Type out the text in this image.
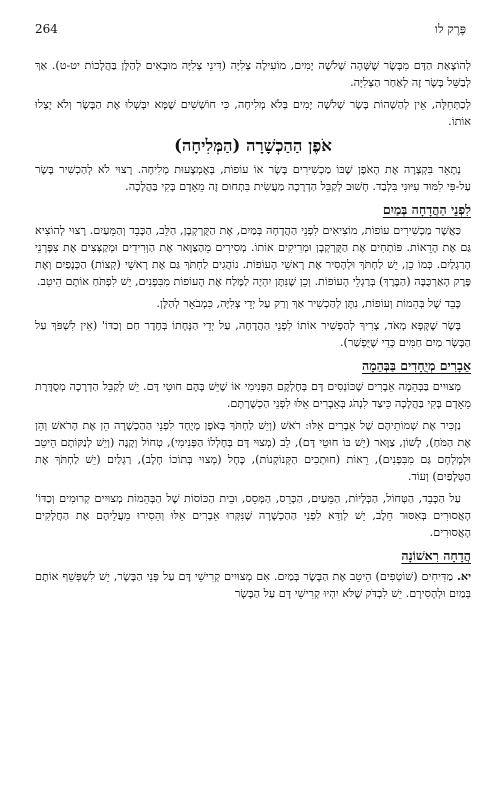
264	פֶּרֶק לו

לְהוֹצָאַת הַדָּם מִבָּשָׂר שֶׁשָּׁהָה שְׁלֹשָׁה יָמִים, מוֹעִילָה צְלִיָּה (דִּינֵי צְלִיָּה מוּבָאִים לְהַלָּן בַּהֲלָכוֹת יט-ט). אַךְ לְבַשֵּׁל בָּשָׂר זֶה לְאַחַר הַצְּלִיָּה.

לְכַתְּחִלָּה, אֵין לְהַשְׁהוֹת בָּשָׂר שְׁלֹשָׁה יָמִים בְּלֹא מְלִיחָה, כִּי חוֹשְׁשִׁים שֶׁמָּא יִבָּשְׁלוּ אֶת הַבָּשָׂר וְלֹא יָצְלוּ אוֹתוֹ.

אֹפֶן הַהַכְשָׁרָה (הַמְּלִיחָה)

נְתָאֵר בִּקְצָרָה אֶת הָאֹפֶן שֶׁבּוֹ מַכְשִׁירִים בָּשָׂר אוֹ עוֹפוֹת, בְּאֶמְצָעוּת מְלִיחָה. רָצוּי לֹא לְהַכְשִׁיר בָּשָׂר עַל-פִּי לִמּוּד עִיּוּנִי בִּלְבַד. חָשׁוּב לְקַבֵּל הַדְרָכָה מַעֲשִׂית בִּתְחוּם זֶה מֵאָדָם בָּקִי בַּהֲלָכָה.

לִפְנֵי הַהֲדָחָה בְּמַיִם

כַּאֲשֶׁר מַכְשִׁירִים עוֹפוֹת, מוֹצִיאִים לִפְנֵי הַהֲדָחָה בְּמַיִם, אֶת הַקֻּרְקְבָן, הַלֵּב, הַכָּבֵד וְהַמֵּעַיִם. רָצוּי לְהוֹצִיא גַּם אֶת הָרֵאוֹת. פּוֹתְחִים אֶת הַקֻּרְקְבָן וּמְרִיקִים אוֹתוֹ. מְסִירִים מֵהַצַּוָּאר אֶת הַוְּרִידִים וּמְקַצְּצִים אֶת צִפָּרְנֵי הָרַגְלַיִם. כְּמוֹ כֵן, יֵשׁ לַחְתֹּךְ וּלְהָסִיר אֶת רָאשֵׁי הָעוֹפוֹת. נוֹהֲגִים לַחְתֹּךְ גַּם אֶת רָאשֵׁי (קְצוֹת) הַכְּנָפַיִם וְאֶת פֶּרֶק הָאַרְכֻּבָּה (הַבֶּרֶךְ) בְּרַגְלֵי הָעוֹפוֹת. וְכֵן שֶׁנִּתָּן יִהְיֶה לַמֶּלַח אֶת הָעוֹפוֹת מִבִּפְנִים, יֵשׁ לִפְתֹּחַ אוֹתָם הֵיטֵב.

כָּבֵד שֶׁל בְּהֵמוֹת וְעוֹפוֹת, נִתָּן לְהַכְשִׁיר אַךְ וְרַק עַל יְדֵי צְלִיָּה, כִּמְבֹאָר לְהַלָּן.

בָּשָׂר שֶׁקָּפָא מְאֹד, צָרִיךְ לְהַפְשִׁיר אוֹתוֹ לִפְנֵי הַהֲדָחָה, עַל יְדֵי הַנָּחָתוֹ בְּחֶדֶר חַם וְכַדּוֹ' (אֵין לִשְׁפֹּךְ עַל הַבָּשָׂר מַיִם חַמִּים כְּדֵי שֶׁיֻּפְשַׁר).

אֵבָרִים מְיֻחָדִים בַּבְּהֵמָה

מְצוּיִים בַּבְּהֵמָה אֵבָרִים שֶׁכּוֹנְסִים דָּם בְּחֶלְקָם הַפְּנִימִי אוֹ שֶׁיֵּשׁ בָּהֶם חוּטֵי דָּם. יֵשׁ לְקַבֵּל הַדְרָכָה מְסֻדֶּרֶת מֵאָדָם בָּקִי בַּהֲלָכָה כֵּיצַד לִנְהֹג בְּאֵבָרִים אֵלּוּ לִפְנֵי הַכְשָׁרָתָם.

נַזְכִּיר אֶת שְׁמוֹתֵיהֶם שֶׁל אֵבָרִים אֵלּוּ: רֹאשׁ (וְיֵשׁ לַחְתֹּךְ בְּאֹפֶן מְיֻחָד לִפְנֵי הַהַכְשָׁרָה הֵן אֶת הָרֹאשׁ וְהֵן אֶת הַמֹּחַ), לָשׁוֹן, צַוָּאר (יֵשׁ בּוֹ חוּטֵי דָּם), לֵב (מְצוּי דָּם בְּחֶלְלוֹ הַפְּנִימִי), טְחוֹל וְקָנֶה (וְיֵשׁ לְנַקּוֹתָם הֵיטֵב וּלְמָלְחָם גַּם מִבִּפְנִים), רֵאוֹת (חוּתְכִים הַקְּנוֹקְנוֹת), כָּחָל (מְצוּי בְּתוֹכוֹ חָלָב), רַגְלַיִם (יֵשׁ לַחְתֹּךְ אֶת הַטְּלָפַיִם) וְעוֹד.

עַל הַכָּבֵד, הַטְּחוֹל, הַכְּלָיוֹת, הַמֵּעַיִם, הַכָּרֵס, הַמְּסֵס, וּבֵית הַכּוֹסוֹת שֶׁל הַבְּהֵמוֹת מְצוּיִים קְרוּמִים וְכַדּוֹ' הָאֲסוּרִים בְּאִסּוּר חֵלֶב, יֵשׁ לְוַדֵּא לִפְנֵי הַהַכְשָׁרָה שֶׁנִּקְּרוּ אֵבָרִים אֵלּוּ וְהֵסִירוּ מֵעֲלֵיהֶם אֶת הַחֲלָקִים הָאֲסוּרִים.

הֲדָחָה רִאשׁוֹנָה

יא. מַדִּיחִים (שׁוֹטְפִים) הֵיטֵב אֶת הַבָּשָׂר בְּמַיִם. אִם מְצוּיִים קְרִישֵׁי דָּם עַל פְּנֵי הַבָּשָׂר, יֵשׁ לִשְׁפְּשֵׁף אוֹתָם בְּמַיִם וּלְהָסִירָם. יֵשׁ לִבְדֹּק שֶׁלֹּא יִהְיוּ קְרִישֵׁי דָּם עַל הַבָּשָׂר
